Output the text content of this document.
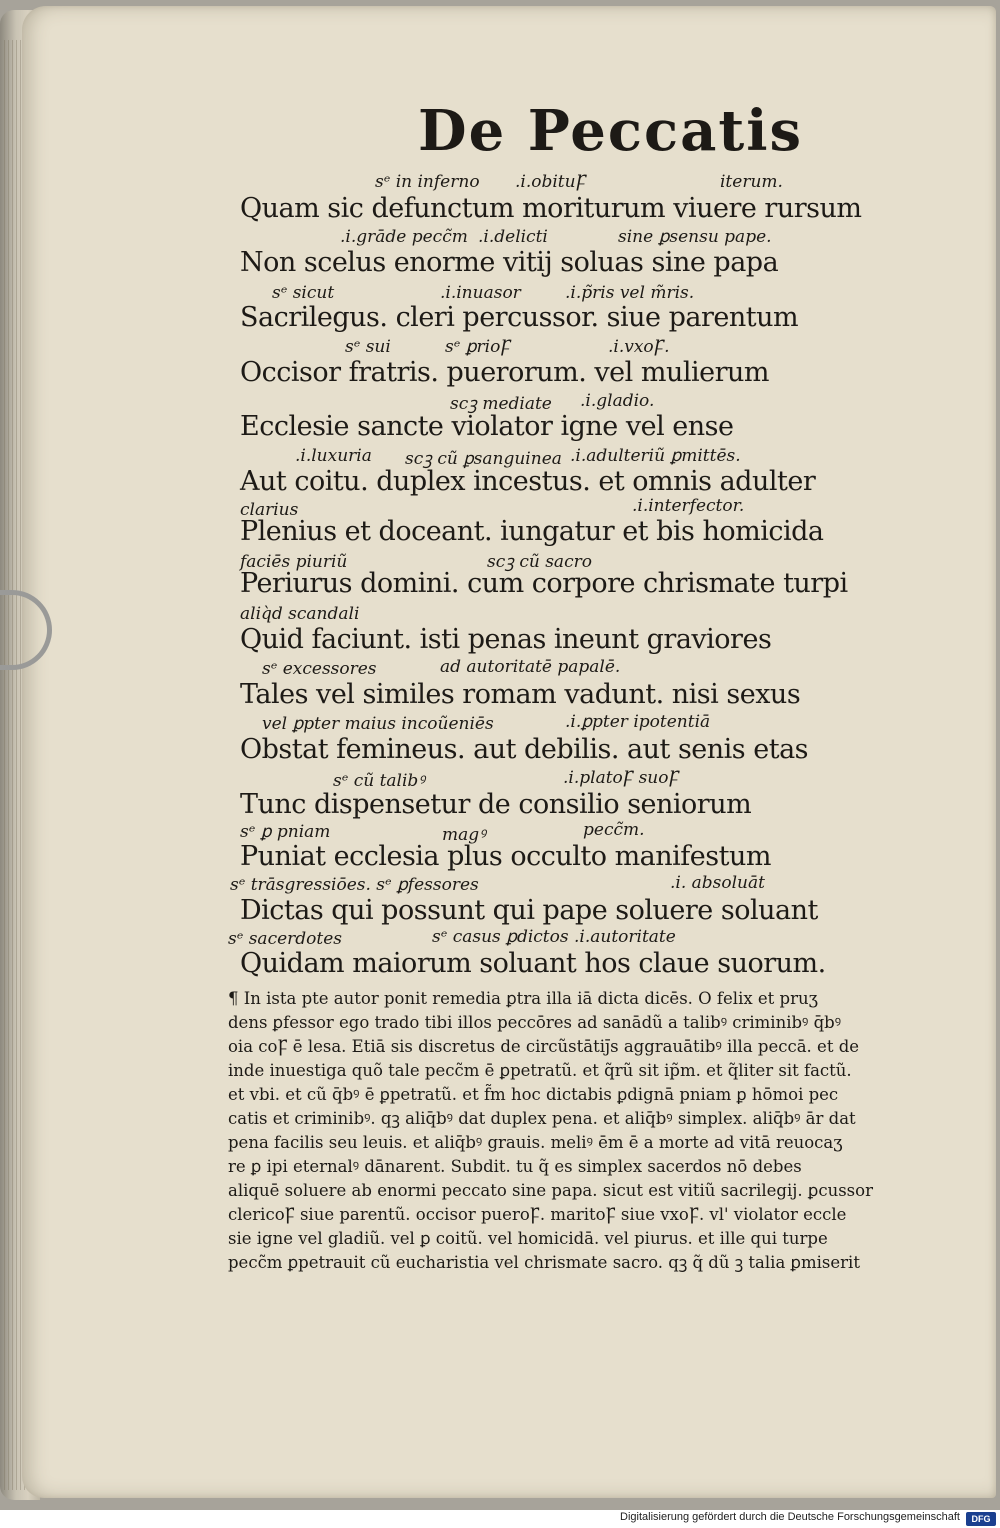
De Peccatis
sᵉ in inferno .i.obituꝻ	iterum.
Quam sic defunctum moriturum viuere rursum
.i.grāde pecc̃m .i.delicti	sine ꝑsensu pape.
Non scelus enorme vitij soluas sine papa
sᵉ sicut	.i.inuasor	.i.p̃ris vel m̃ris.
Sacrilegus. cleri percussor. siue parentum
sᵉ sui	sᵉ ꝑrioꝻ	.i.vxoꝻ.
Occisor fratris. puerorum. vel mulierum
scꝫ mediate .i.gladio.
Ecclesie sancte violator igne vel ense
.i.luxuria scꝫ cũ ꝑsanguinea .i.adulteriũ ꝑmittēs.
Aut coitu. duplex incestus. et omnis adulter
clarius	.i.interfector.
Plenius et doceant. iungatur et bis homicida
faciēs piuriũ	scꝫ cũ sacro
Periurus domini. cum corpore chrismate turpi
aliq̀d scandali
Quid faciunt. isti penas ineunt graviores
sᵉ excessores	ad autoritatē papalē.
Tales vel similes romam vadunt. nisi sexus
vel ꝑpter maius incoũeniēs	.i.ꝑpter ipotentiā
Obstat femineus. aut debilis. aut senis etas
sᵉ cũ talibꝰ	.i.platoꝻ suoꝻ
Tunc dispensetur de consilio seniorum
sᵉ ꝑ pniam	magꝰ	pecc̃m.
Puniat ecclesia plus occulto manifestum
sᵉ trāsgressiōes. sᵉ ꝑfessores	.i. absoluāt
Dictas qui possunt qui pape soluere soluant
sᵉ sacerdotes	sᵉ casus ꝑdictos .i.autoritate
Quidam maiorum soluant hos claue suorum.
¶ In ista pte autor ponit remedia ꝑtra illa iā dicta dicēs. O felix et pruʒ
dens ꝑfessor ego trado tibi illos peccōres ad sanādũ a talibꝰ criminibꝰ q̄bꝰ
oia coꝻ ē lesa. Etiā sis discretus de circũstātij̄s aggrauātibꝰ illa peccā. et de
inde inuestiga quõ tale pecc̃m ē ꝑpetratũ. et q̃rũ sit ip̃m. et q̃liter sit factũ.
et vbi. et cũ q̄bꝰ ē ꝑpetratũ. et f̃m hoc dictabis ꝑdignā pniam ꝑ hōmoi pec
catis et criminibꝰ. qꝫ aliq̄bꝰ dat duplex pena. et aliq̄bꝰ simplex. aliq̄bꝰ ār dat
pena facilis seu leuis. et aliq̄bꝰ grauis. meliꝰ ēm ē a morte ad vitā reuocaʒ
re ꝑ ipi eternalꝰ dānarent. Subdit. tu q̃ es simplex sacerdos nō debes
aliquē soluere ab enormi peccato sine papa. sicut est vitiũ sacrilegij. ꝑcussor
clericoꝻ siue parentũ. occisor pueroꝻ. maritoꝻ siue vxoꝻ. vl' violator eccle
sie igne vel gladiũ. vel ꝑ coitũ. vel homicidā. vel piurus. et ille qui turpe
pecc̃m ꝑpetrauit cũ eucharistia vel chrismate sacro. qꝫ q̃ dũ ꝫ talia ꝑmiserit
Digitalisierung gefördert durch die Deutsche Forschungsgemeinschaft	DFG
